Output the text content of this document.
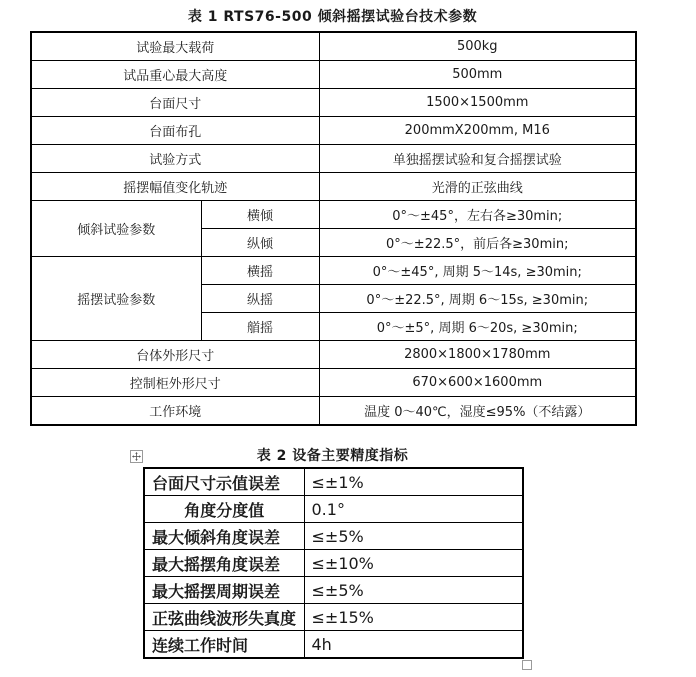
表 1 RTS76-500 倾斜摇摆试验台技术参数
试验最大载荷		500kg
试品重心最大高度		500mm
台面尺寸		1500×1500mm
台面布孔		200mmX200mm, M16
试验方式		单独摇摆试验和复合摇摆试验
摇摆幅值变化轨迹		光滑的正弦曲线
倾斜试验参数	横倾	0°～±45°，左右各≥30min;
	纵倾	0°～±22.5°，前后各≥30min;
摇摆试验参数	横摇	0°～±45°, 周期 5～14s, ≥30min;
	纵摇	0°～±22.5°, 周期 6～15s, ≥30min;
	艏摇	0°～±5°, 周期 6～20s, ≥30min;
台体外形尺寸		2800×1800×1780mm
控制柜外形尺寸		670×600×1600mm
工作环境		温度 0～40℃，湿度≤95%（不结露）
表 2 设备主要精度指标
台面尺寸示值误差	≤±1%
角度分度值	0.1°
最大倾斜角度误差	≤±5%
最大摇摆角度误差	≤±10%
最大摇摆周期误差	≤±5%
正弦曲线波形失真度	≤±15%
连续工作时间	4h
